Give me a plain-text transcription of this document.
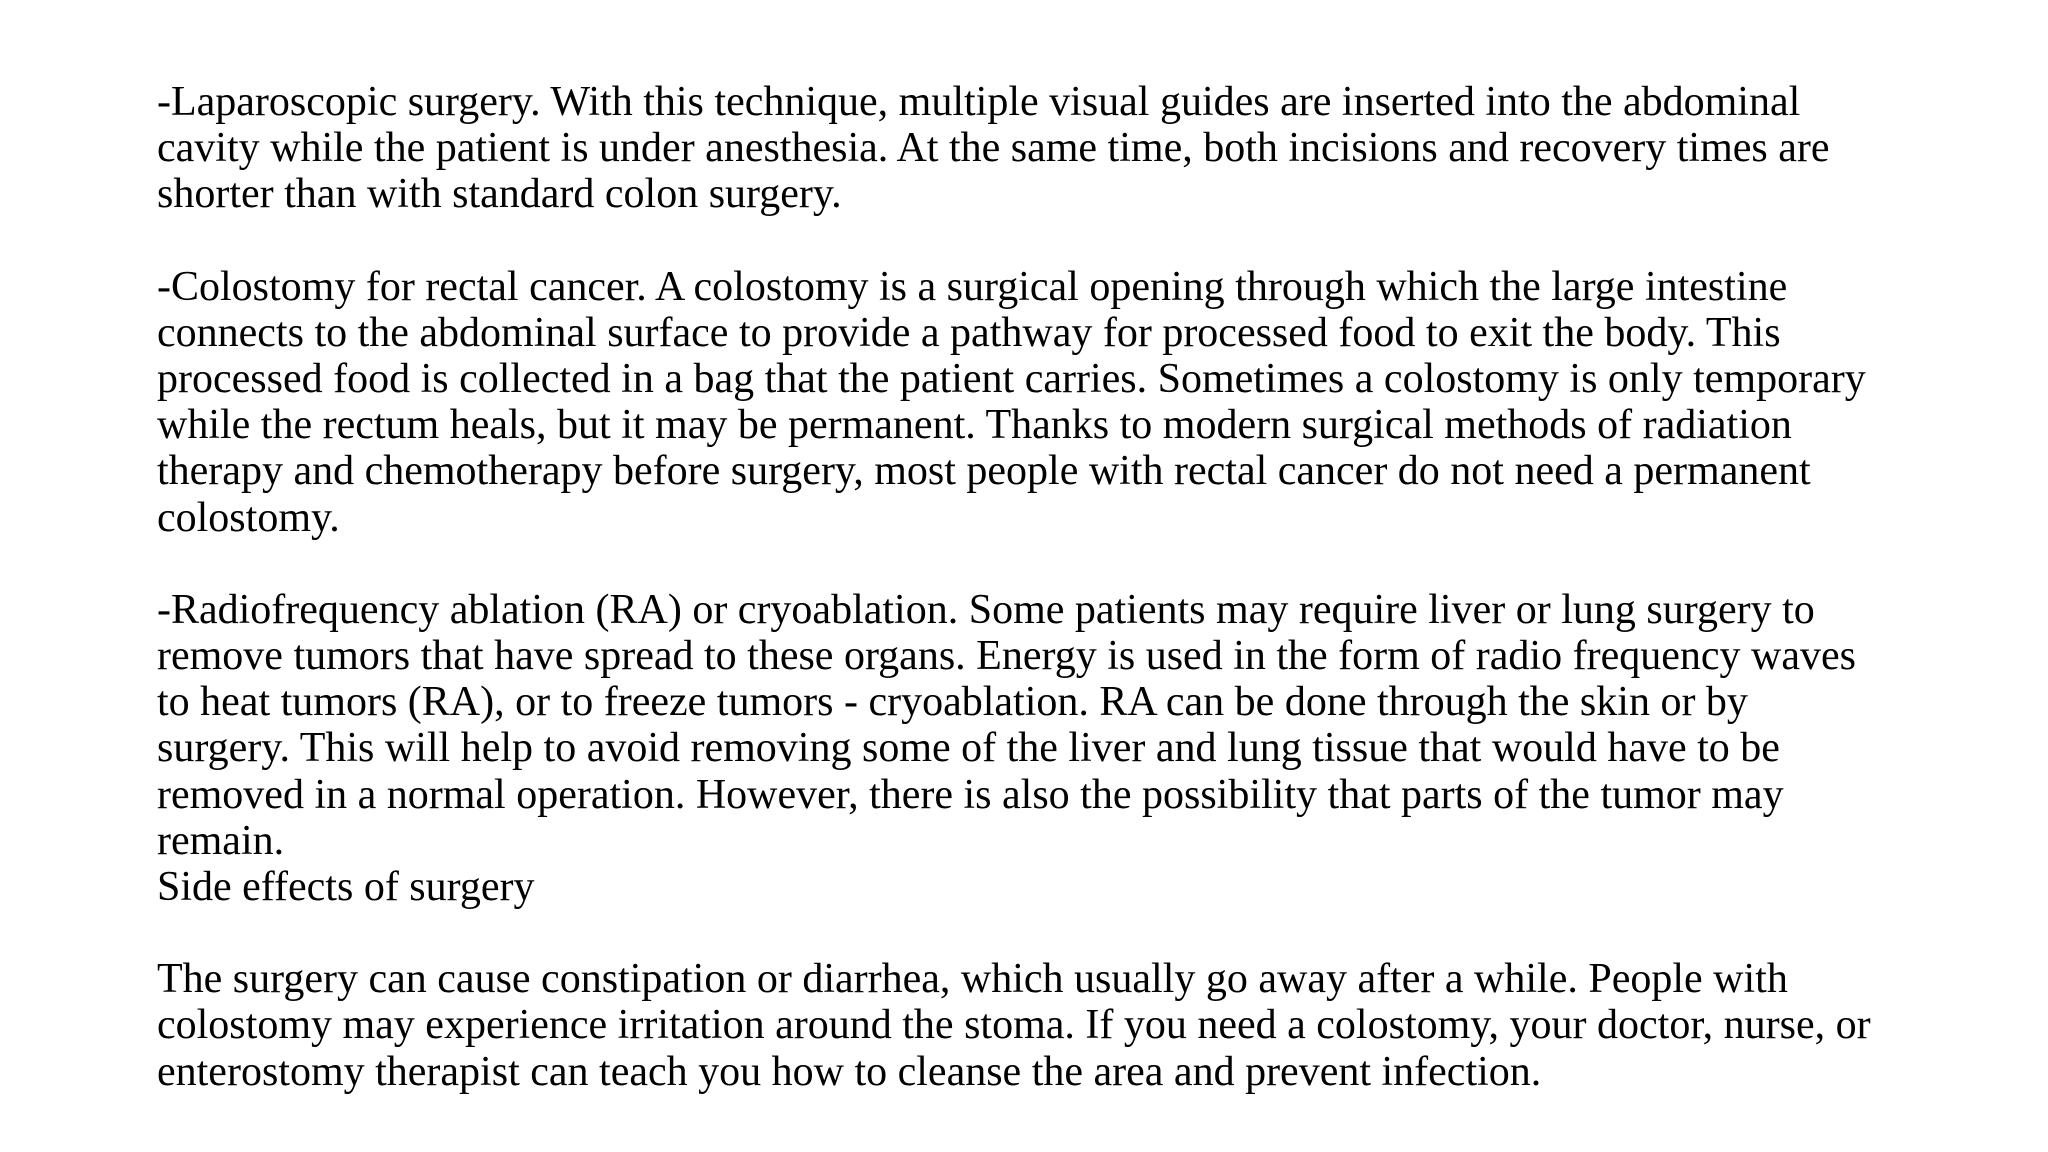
-Laparoscopic surgery. With this technique, multiple visual guides are inserted into the abdominal
cavity while the patient is under anesthesia. At the same time, both incisions and recovery times are
shorter than with standard colon surgery.

-Colostomy for rectal cancer. A colostomy is a surgical opening through which the large intestine
connects to the abdominal surface to provide a pathway for processed food to exit the body. This
processed food is collected in a bag that the patient carries. Sometimes a colostomy is only temporary
while the rectum heals, but it may be permanent. Thanks to modern surgical methods of radiation
therapy and chemotherapy before surgery, most people with rectal cancer do not need a permanent
colostomy.

-Radiofrequency ablation (RA) or cryoablation. Some patients may require liver or lung surgery to
remove tumors that have spread to these organs. Energy is used in the form of radio frequency waves
to heat tumors (RA), or to freeze tumors - cryoablation. RA can be done through the skin or by
surgery. This will help to avoid removing some of the liver and lung tissue that would have to be
removed in a normal operation. However, there is also the possibility that parts of the tumor may
remain.

Side effects of surgery

The surgery can cause constipation or diarrhea, which usually go away after a while. People with
colostomy may experience irritation around the stoma. If you need a colostomy, your doctor, nurse, or
enterostomy therapist can teach you how to cleanse the area and prevent infection.
